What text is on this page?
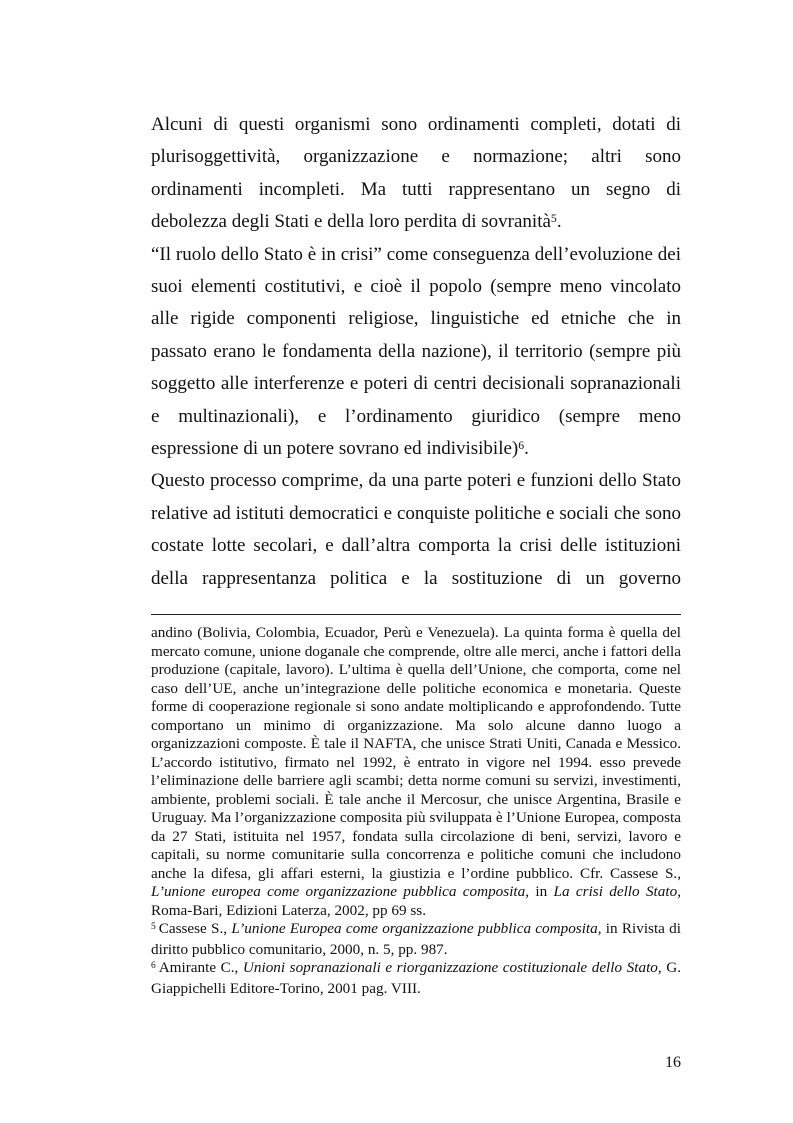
Alcuni di questi organismi sono ordinamenti completi, dotati di plurisoggettività, organizzazione e normazione; altri sono ordinamenti incompleti. Ma tutti rappresentano un segno di debolezza degli Stati e della loro perdita di sovranità$^5$.

“Il ruolo dello Stato è in crisi” come conseguenza dell’evoluzione dei suoi elementi costitutivi, e cioè il popolo (sempre meno vincolato alle rigide componenti religiose, linguistiche ed etniche che in passato erano le fondamenta della nazione), il territorio (sempre più soggetto alle interferenze e poteri di centri decisionali sopranazionali e multinazionali), e l’ordinamento giuridico (sempre meno espressione di un potere sovrano ed indivisibile)$^6$.

Questo processo comprime, da una parte poteri e funzioni dello Stato relative ad istituti democratici e conquiste politiche e sociali che sono costate lotte secolari, e dall’altra comporta la crisi delle istituzioni della rappresentanza politica e la sostituzione di un governo

andino (Bolivia, Colombia, Ecuador, Perù e Venezuela). La quinta forma è quella del mercato comune, unione doganale che comprende, oltre alle merci, anche i fattori della produzione (capitale, lavoro). L’ultima è quella dell’Unione, che comporta, come nel caso dell’UE, anche un’integrazione delle politiche economica e monetaria. Queste forme di cooperazione regionale si sono andate moltiplicando e approfondendo. Tutte comportano un minimo di organizzazione. Ma solo alcune danno luogo a organizzazioni composte. È tale il NAFTA, che unisce Strati Uniti, Canada e Messico. L’accordo istitutivo, firmato nel 1992, è entrato in vigore nel 1994. esso prevede l’eliminazione delle barriere agli scambi; detta norme comuni su servizi, investimenti, ambiente, problemi sociali. È tale anche il Mercosur, che unisce Argentina, Brasile e Uruguay. Ma l’organizzazione composita più sviluppata è l’Unione Europea, composta da 27 Stati, istituita nel 1957, fondata sulla circolazione di beni, servizi, lavoro e capitali, su norme comunitarie sulla concorrenza e politiche comuni che includono anche la difesa, gli affari esterni, la giustizia e l’ordine pubblico. Cfr. Cassese S., L’unione europea come organizzazione pubblica composita, in La crisi dello Stato, Roma-Bari, Edizioni Laterza, 2002, pp 69 ss.

$^5$ Cassese S., L’unione Europea come organizzazione pubblica composita, in Rivista di diritto pubblico comunitario, 2000, n. 5, pp. 987.

$^6$ Amirante C., Unioni sopranazionali e riorganizzazione costituzionale dello Stato, G. Giappichelli Editore-Torino, 2001 pag. VIII.

16
